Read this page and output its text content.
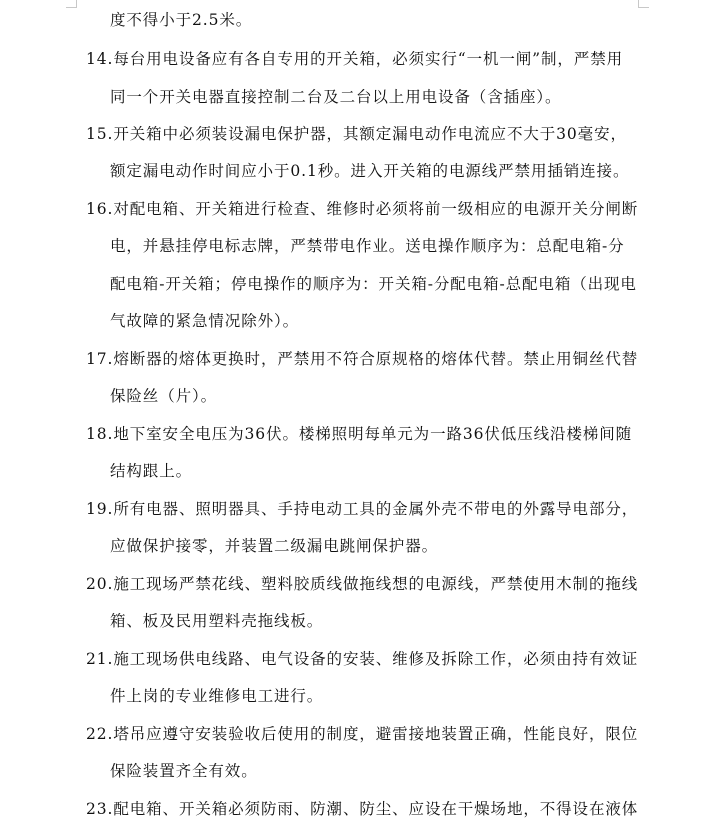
度不得小于2.5米。
14.每台用电设备应有各自专用的开关箱，必须实行“一机一闸”制，严禁用
同一个开关电器直接控制二台及二台以上用电设备（含插座）。
15.开关箱中必须装设漏电保护器，其额定漏电动作电流应不大于30毫安，
额定漏电动作时间应小于0.1秒。进入开关箱的电源线严禁用插销连接。
16.对配电箱、开关箱进行检查、维修时必须将前一级相应的电源开关分闸断
电，并悬挂停电标志牌，严禁带电作业。送电操作顺序为：总配电箱-分
配电箱-开关箱；停电操作的顺序为：开关箱-分配电箱-总配电箱（出现电
气故障的紧急情况除外）。
17.熔断器的熔体更换时，严禁用不符合原规格的熔体代替。禁止用铜丝代替
保险丝（片）。
18.地下室安全电压为36伏。楼梯照明每单元为一路36伏低压线沿楼梯间随
结构跟上。
19.所有电器、照明器具、手持电动工具的金属外壳不带电的外露导电部分，
应做保护接零，并装置二级漏电跳闸保护器。
20.施工现场严禁花线、塑料胶质线做拖线想的电源线，严禁使用木制的拖线
箱、板及民用塑料壳拖线板。
21.施工现场供电线路、电气设备的安装、维修及拆除工作，必须由持有效证
件上岗的专业维修电工进行。
22.塔吊应遵守安装验收后使用的制度，避雷接地装置正确，性能良好，限位
保险装置齐全有效。
23.配电箱、开关箱必须防雨、防潮、防尘、应设在干燥场地，不得设在液体
